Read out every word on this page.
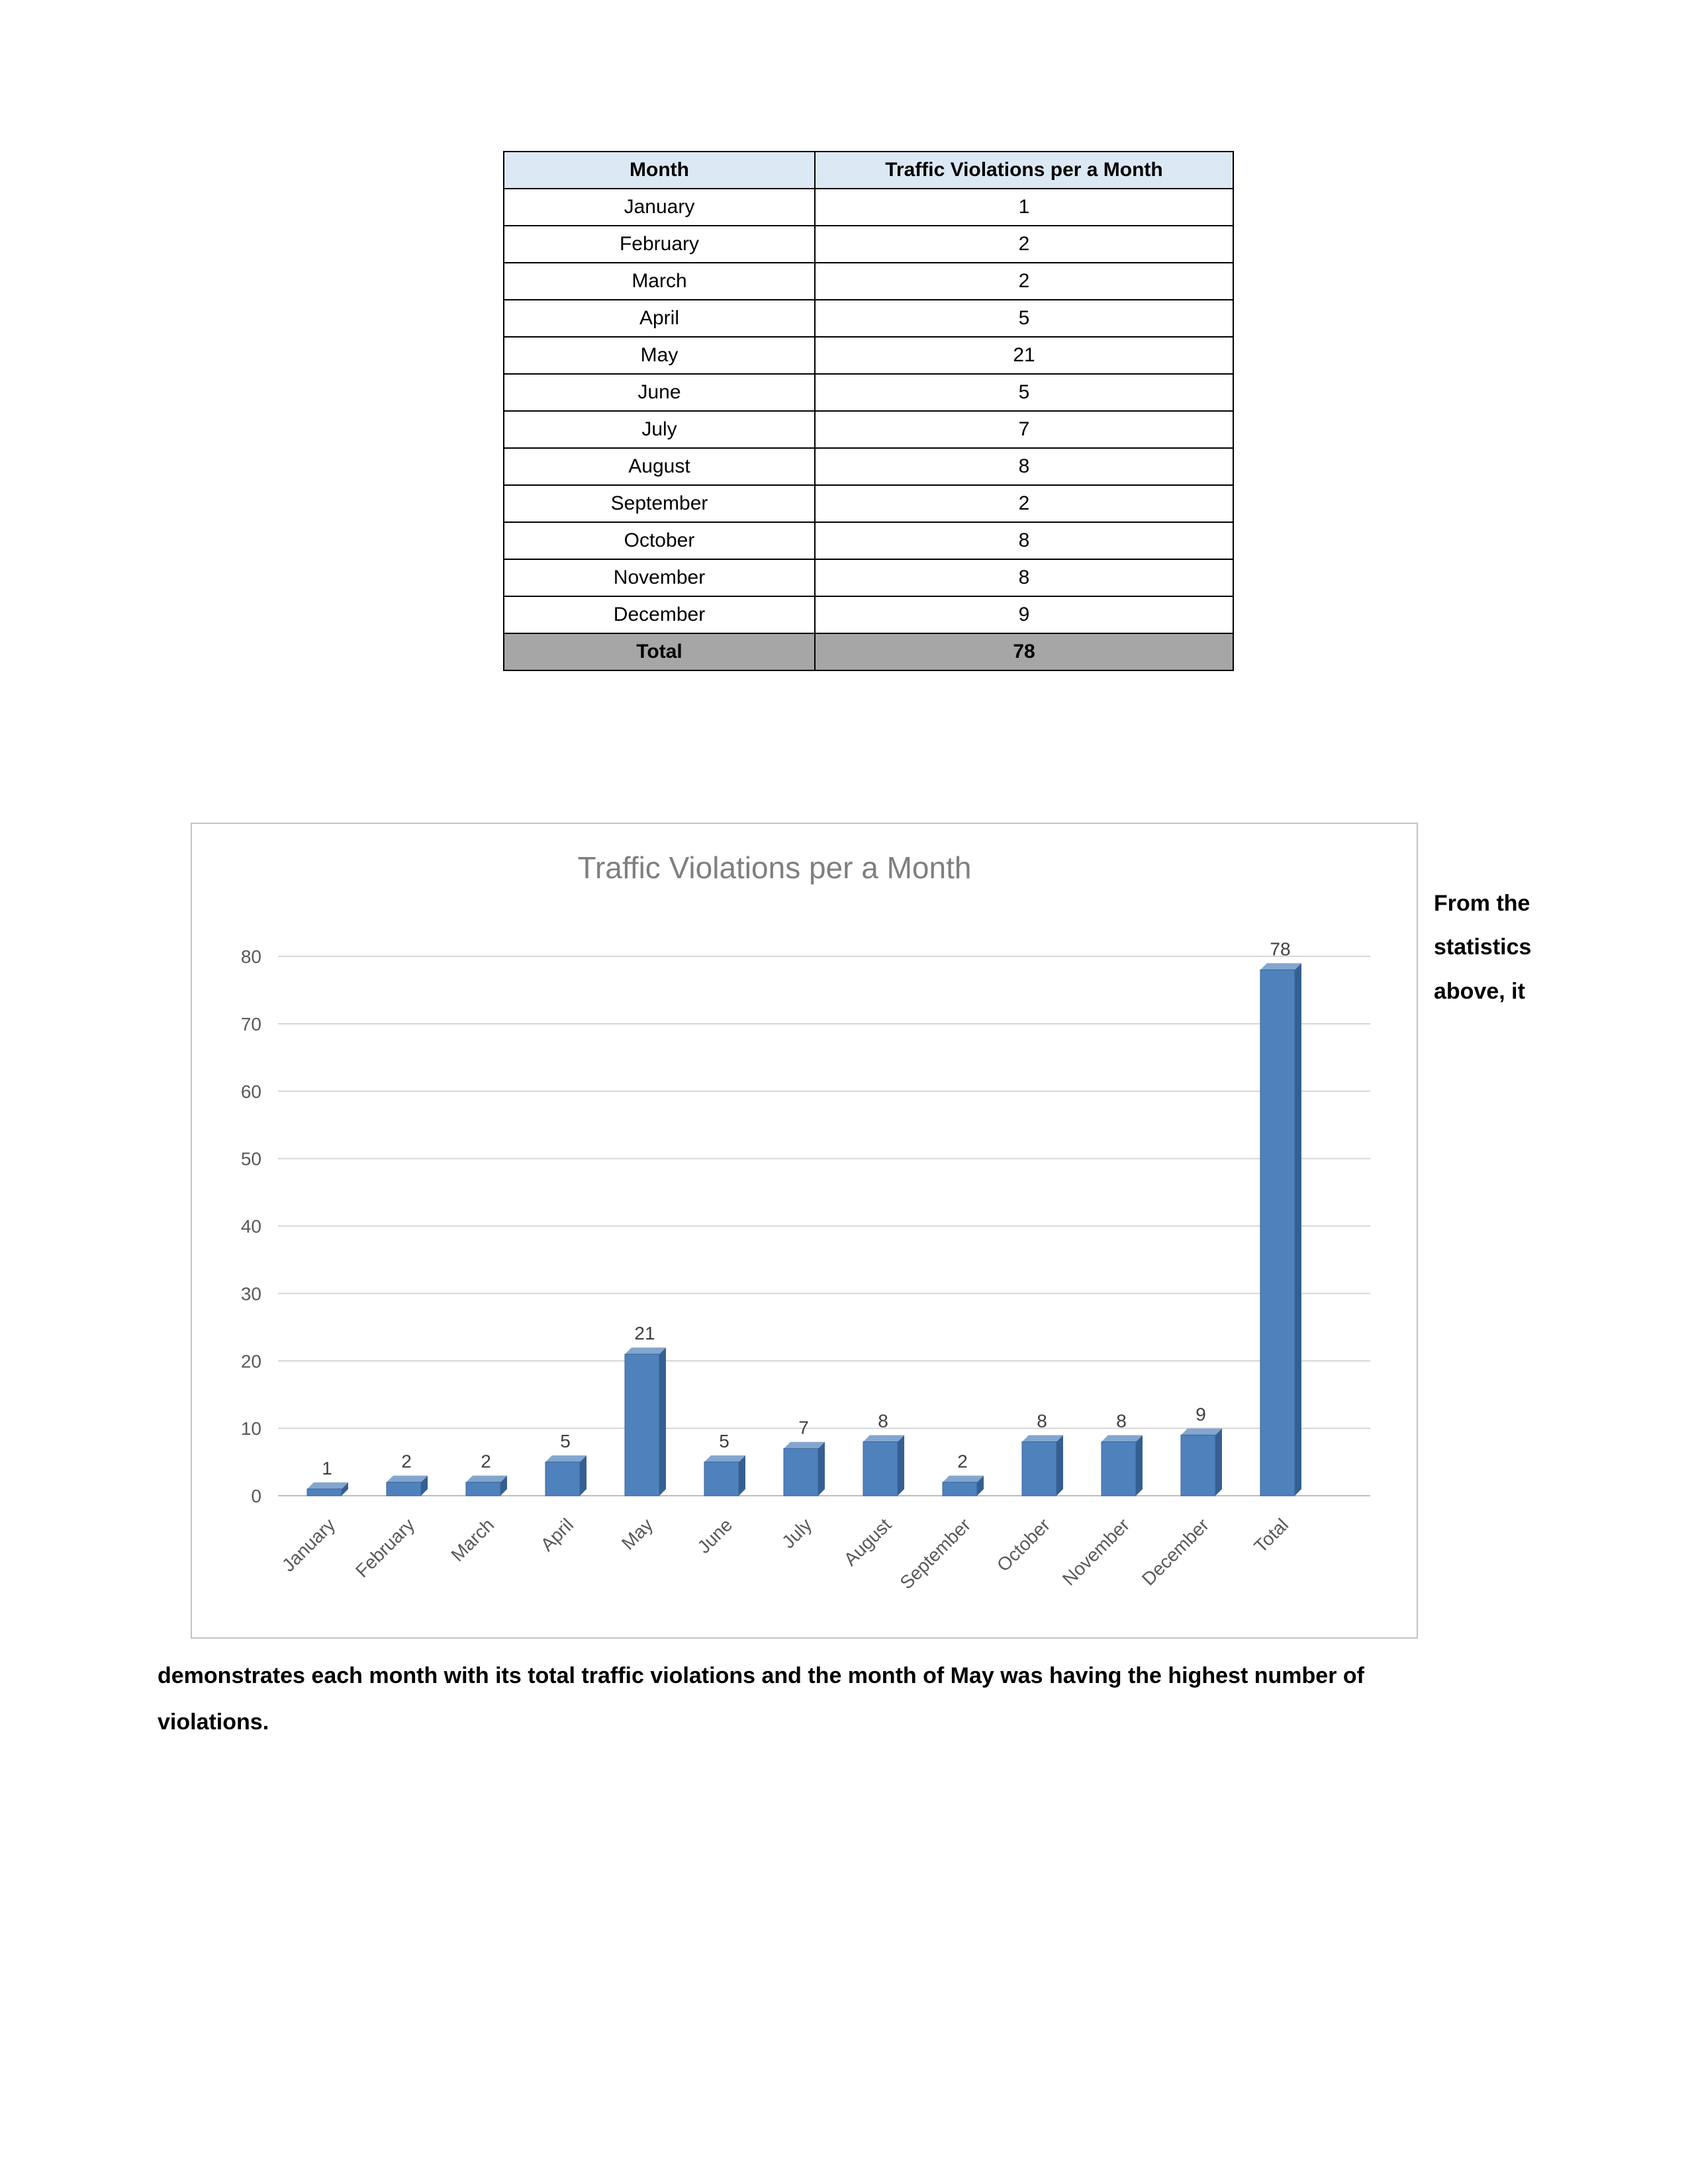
Month	Traffic Violations per a Month
January	1
February	2
March	2
April	5
May	21
June	5
July	7
August	8
September	2
October	8
November	8
December	9
Total	78
0
10
20
30
40
50
60
70
80
1
January
2
February
2
March
5
April
21
May
5
June
7
July
8
August
2
September
8
October
8
November
9
December
78
Total
Traffic Violations per a Month
From the statistics above, it
demonstrates each month with its total traffic violations and the month of May was having the highest number of violations.
